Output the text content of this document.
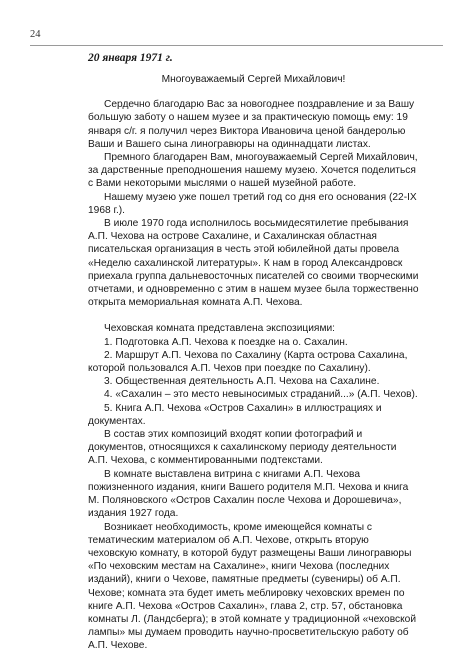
24
20 января 1971 г.

Многоуважаемый Сергей Михайлович!

Сердечно благодарю Вас за новогоднее поздравление и за Вашу большую заботу о нашем музее и за практическую помощь ему: 19 января с/г. я получил через Виктора Ивановича ценой бандеролью Ваши и Вашего сына линогравюры на одиннадцати листах.

Премного благодарен Вам, многоуважаемый Сергей Михайлович, за дарственные преподношения нашему музею. Хочется поделиться с Вами некоторыми мыслями о нашей музейной работе.

Нашему музею уже пошел третий год со дня его основания (22-IX 1968 г.).

В июле 1970 года исполнилось восьмидесятилетие пребывания А.П. Чехова на острове Сахалине, и Сахалинская областная писательская организация в честь этой юбилейной даты провела «Неделю сахалинской литературы». К нам в город Александровск приехала группа дальневосточных писателей со своими творческими отчетами, и одновременно с этим в нашем музее была торжественно открыта мемориальная комната А.П. Чехова.

Чеховская комната представлена экспозициями:

1. Подготовка А.П. Чехова к поездке на о. Сахалин.

2. Маршрут А.П. Чехова по Сахалину (Карта острова Сахалина, которой пользовался А.П. Чехов при поездке по Сахалину).

3. Общественная деятельность А.П. Чехова на Сахалине.

4. «Сахалин – это место невыносимых страданий...» (А.П. Чехов).

5. Книга А.П. Чехова «Остров Сахалин» в иллюстрациях и документах.

В состав этих композиций входят копии фотографий и документов, относящихся к сахалинскому периоду деятельности А.П. Чехова, с комментированными подтекстами.

В комнате выставлена витрина с книгами А.П. Чехова пожизненного издания, книги Вашего родителя М.П. Чехова и книга М. Поляновского «Остров Сахалин после Чехова и Дорошевича», издания 1927 года.

Возникает необходимость, кроме имеющейся комнаты с тематическим материалом об А.П. Чехове, открыть вторую чеховскую комнату, в которой будут размещены Ваши линогравюры «По чеховским местам на Сахалине», книги Чехова (последних изданий), книги о Чехове, памятные предметы (сувениры) об А.П. Чехове; комната эта будет иметь меблировку чеховских времен по книге А.П. Чехова «Остров Сахалин», глава 2, стр. 57, обстановка комнаты Л. (Ландсберга); в этой комнате у традиционной «чеховской лампы» мы думаем проводить научно-просветительскую работу об А.П. Чехове.
